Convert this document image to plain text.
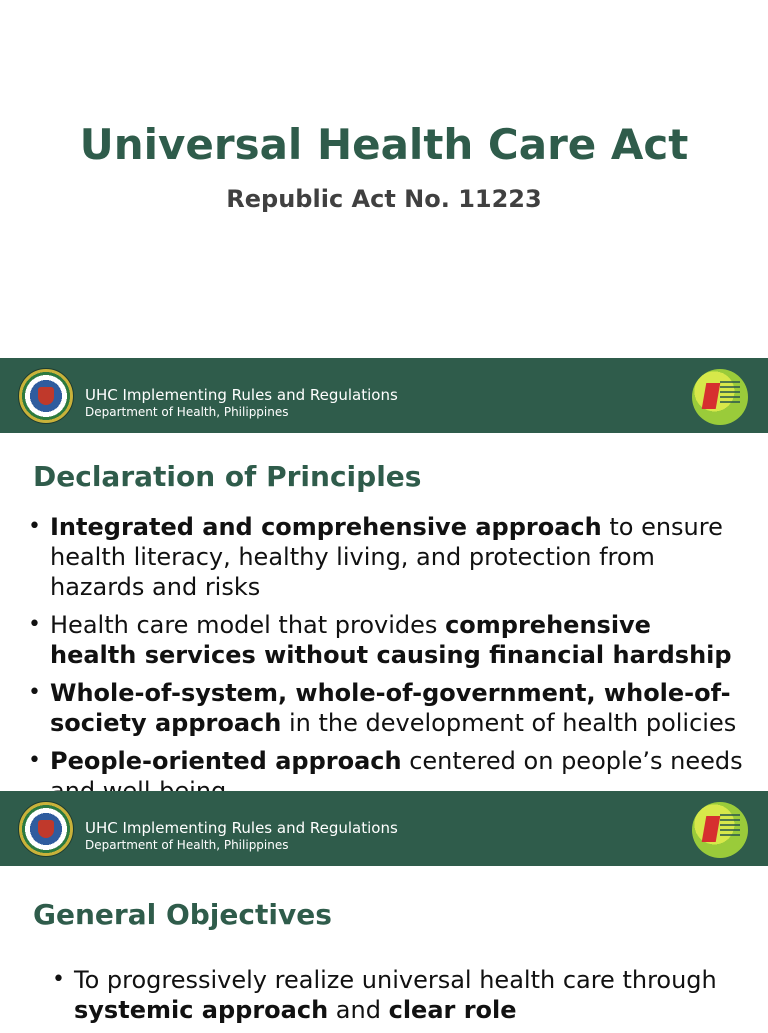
Universal Health Care Act
Republic Act No. 11223
UHC Implementing Rules and Regulations
Department of Health, Philippines
Declaration of Principles
• Integrated and comprehensive approach to ensure health literacy, healthy living, and protection from hazards and risks
• Health care model that provides comprehensive health services without causing financial hardship
• Whole-of-system, whole-of-government, whole-of-society approach in the development of health policies
• People-oriented approach centered on people’s needs
UHC Implementing Rules and Regulations
Department of Health, Philippines
General Objectives
• To progressively realize universal health care through systemic approach and clear role
